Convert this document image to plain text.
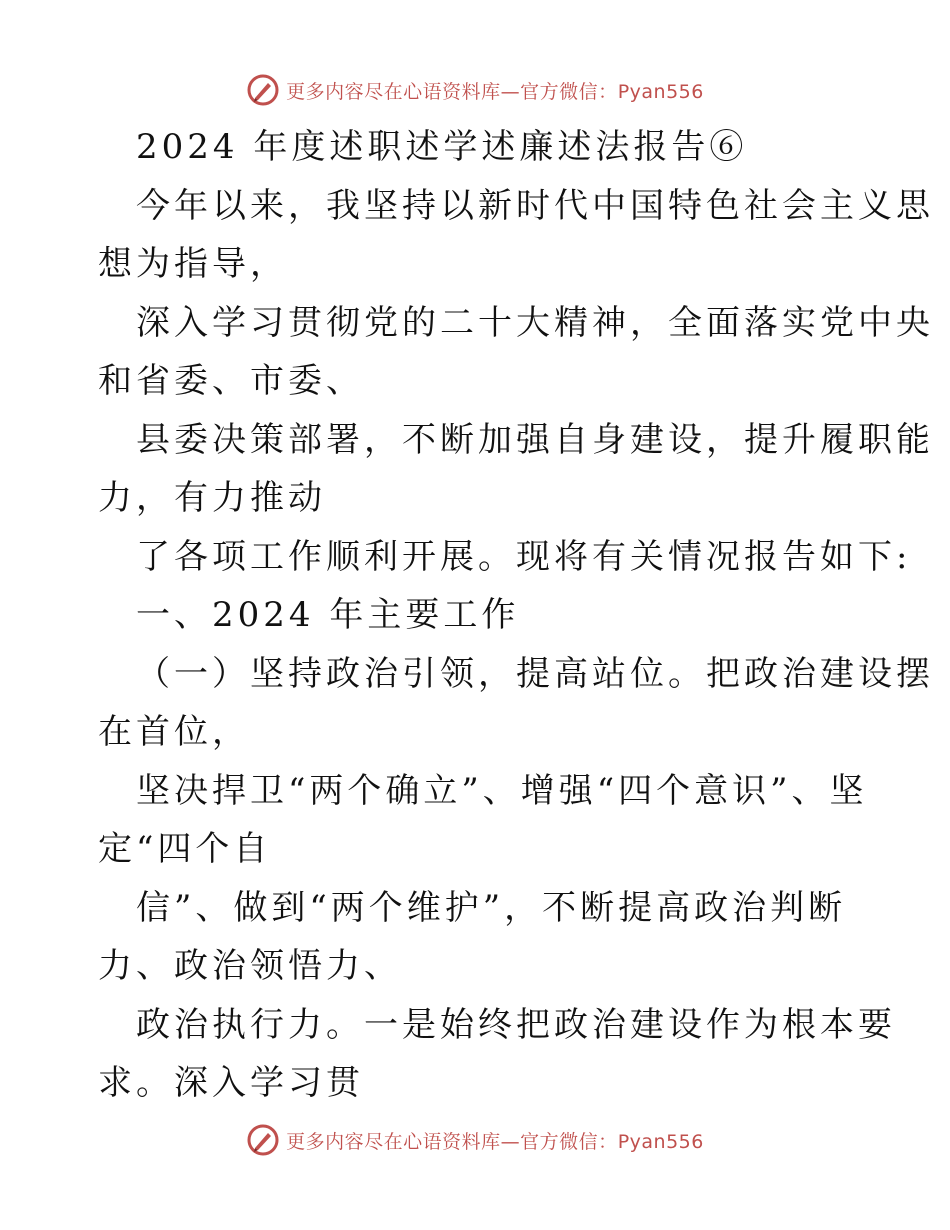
更多内容尽在心语资料库—官方微信：Pyan556
2024 年度述职述学述廉述法报告⑥
今年以来，我坚持以新时代中国特色社会主义思
想为指导，
深入学习贯彻党的二十大精神，全面落实党中央
和省委、市委、
县委决策部署，不断加强自身建设，提升履职能
力，有力推动
了各项工作顺利开展。现将有关情况报告如下:
一、2024 年主要工作
（一）坚持政治引领，提高站位。把政治建设摆
在首位，
坚决捍卫“两个确立”、增强“四个意识”、坚
定“四个自
信”、做到“两个维护”，不断提高政治判断
力、政治领悟力、
政治执行力。一是始终把政治建设作为根本要
求。深入学习贯
更多内容尽在心语资料库—官方微信：Pyan556
